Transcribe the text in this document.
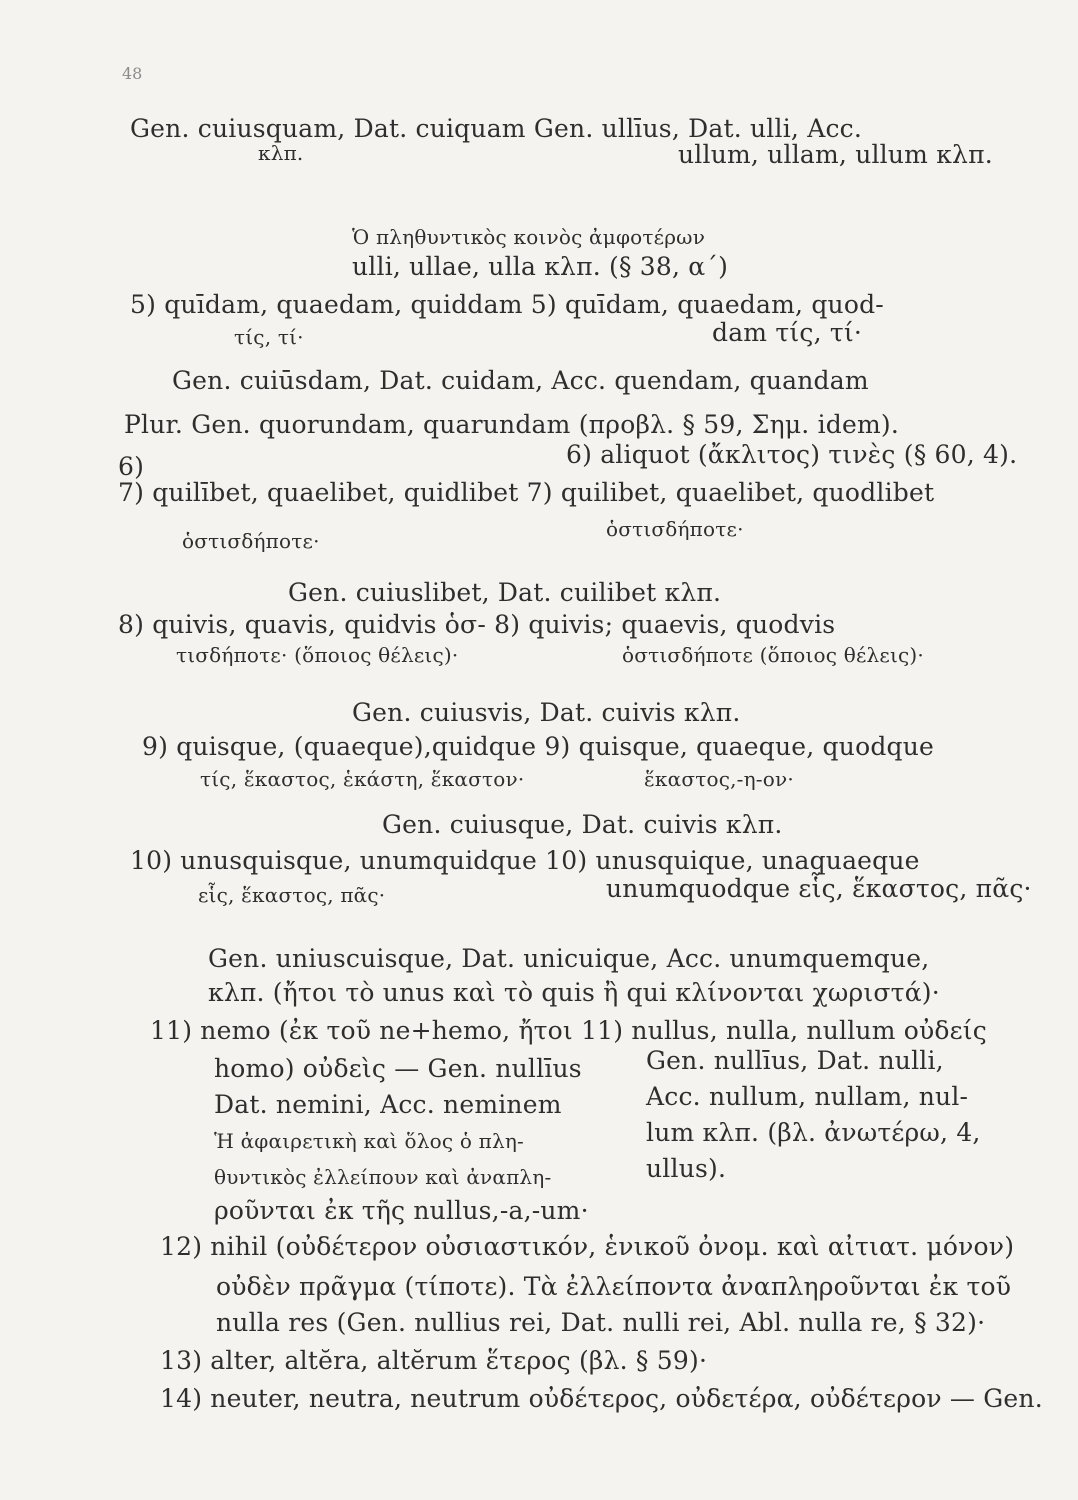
48
Gen. cuiusquam, Dat. cuiquam Gen. ullīus, Dat. ulli, Acc.
κλπ.	ullum, ullam, ullum κλπ.
Ὁ πληθυντικὸς κοινὸς ἀμφοτέρων
ulli, ullae, ulla κλπ. (§ 38, α΄)
5) quīdam, quaedam, quiddam 5) quīdam, quaedam, quod-
τίς, τί·	dam τίς, τί·
Gen. cuiūsdam, Dat. cuidam, Acc. quendam, quandam
Plur. Gen. quorundam, quarundam (προβλ. § 59, Σημ. idem).
6)	6) aliquot (ἄκλιτος) τινὲς (§ 60, 4).
7) quilībet, quaelibet, quidlibet 7) quilibet, quaelibet, quodlibet
ὁστισδήποτε·	ὁστισδήποτε·
Gen. cuiuslibet, Dat. cuilibet κλπ.
8) quivis, quavis, quidvis ὁσ- 8) quivis; quaevis, quodvis
τισδήποτε· (ὅποιος θέλεις)·	ὁστισδήποτε (ὅποιος θέλεις)·
Gen. cuiusvis, Dat. cuivis κλπ.
9) quisque, (quaeque),quidque 9) quisque, quaeque, quodque
τίς, ἕκαστος, ἑκάστη, ἕκαστον·	ἕκαστος,-η-ον·
Gen. cuiusque, Dat. cuivis κλπ.
10) unusquisque, unumquidque 10) unusquique, unaquaeque
εἷς, ἕκαστος, πᾶς·	unumquodque εἷς, ἕκαστος, πᾶς·
Gen. uniuscuisque, Dat. unicuique, Acc. unumquemque,
κλπ. (ἤτοι τὸ unus καὶ τὸ quis ἢ qui κλίνονται χωριστά)·
11) nemo (ἐκ τοῦ ne+hemo, ἤτοι 11) nullus, nulla, nullum οὐδείς
homo) οὐδεὶς — Gen. nullīus	Gen. nullīus, Dat. nulli,
Dat. nemini, Acc. neminem	Acc. nullum, nullam, nul-
Ἡ ἀφαιρετικὴ καὶ ὅλος ὁ πλη-	lum κλπ. (βλ. ἀνωτέρω, 4,
θυντικὸς ἐλλείπουν καὶ ἀναπλη-	ullus).
ροῦνται ἐκ τῆς nullus,-a,-um·
12) nihil (οὐδέτερον οὐσιαστικόν, ἑνικοῦ ὀνομ. καὶ αἰτιατ. μόνον)
οὐδὲν πρᾶγμα (τίποτε). Τὰ ἐλλείποντα ἀναπληροῦνται ἐκ τοῦ
nulla res (Gen. nullius rei, Dat. nulli rei, Abl. nulla re, § 32)·
13) alter, altĕra, altĕrum ἕτερος (βλ. § 59)·
14) neuter, neutra, neutrum οὐδέτερος, οὐδετέρα, οὐδέτερον — Gen.
